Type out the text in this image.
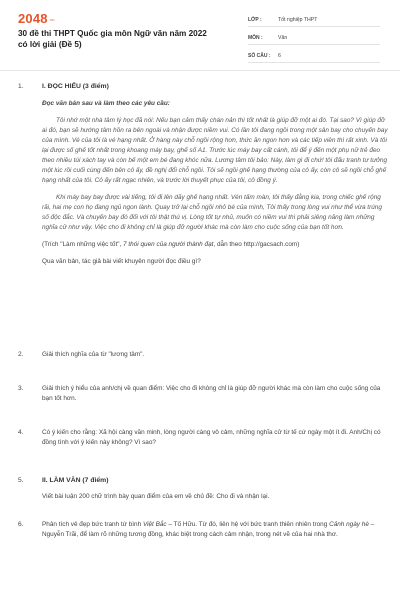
2048.vn
30 đề thi THPT Quốc gia môn Ngữ văn năm 2022 có lời giải (Đề 5)
LỚP :	Tốt nghiệp THPT
MÔN :	Văn
SỐ CÂU :	6
1.	I. ĐỌC HIỂU (3 điểm)
Đọc văn bản sau và làm theo các yêu cầu:
Tôi nhớ một nhà tâm lý học đã nói: Nếu bạn cảm thấy chán nản thì tốt nhất là giúp đỡ một ai đó. Tại sao? Vì giúp đỡ ai đó, bạn sẽ hướng tâm hồn ra bên ngoài và nhận được niềm vui. Có lần tôi đang ngồi trong một sân bay cho chuyến bay của mình. Vé của tôi là vé hạng nhất. Ở hàng này chỗ ngồi rộng hơn, thức ăn ngon hơn và các tiếp viên thì rất xinh. Và tôi lại được số ghế tốt nhất trong khoang máy bay, ghế số A1. Trước lúc máy bay cất cánh, tôi để ý đến một phụ nữ trẻ đeo theo nhiều túi xách tay và còn bế một em bé đang khóc nữa. Lương tâm tôi bảo: Này, làm gì đi chứ! tôi đấu tranh tư tưởng một lúc rồi cuối cùng đến bên cô ấy, đề nghị đổi chỗ ngồi. Tôi sẽ ngồi ghế hạng thường của cô ấy, còn cô sẽ ngồi chỗ ghế hạng nhất của tôi. Cô ấy rất ngạc nhiên, và trước lời thuyết phục của tôi, cô đồng ý.
Khi máy bay bay được vài tiếng, tôi đi lên dãy ghế hạng nhất. Vén tấm màn, tôi thấy đằng kia, trong chiếc ghế rộng rãi, hai mẹ con họ đang ngủ ngon lành. Quay trở lại chỗ ngồi nhỏ bé của mình, Tôi thấy trong lòng vui như thể vừa trúng số độc đắc. Và chuyến bay đó đối với tôi thật thú vị. Lòng tốt tự nhủ, muốn có niềm vui thì phải siêng năng làm những nghĩa cử như vậy. Việc cho đi không chỉ là giúp đỡ người khác mà còn làm cho cuộc sống của bạn tốt hơn.
(Trích "Làm những việc tốt", 7 thói quen của người thành đạt, dẫn theo http://gacsach.com)
Qua văn bản, tác giả bài viết khuyên người đọc điều gì?
2.	Giải thích nghĩa của từ "lương tâm".
3.	Giải thích ý hiểu của anh/chị về quan điểm: Việc cho đi không chỉ là giúp đỡ người khác mà còn làm cho cuộc sống của bạn tốt hơn.
4.	Có ý kiến cho rằng: Xã hội càng văn minh, lòng người càng vô cảm, những nghĩa cử từ tế cứ ngày một ít đi. Anh/Chị có đồng tình với ý kiến này không? Vì sao?
5.	II. LÀM VĂN (7 điểm)
Viết bài luận 200 chữ trình bày quan điểm của em về chủ đề: Cho đi và nhận lại.
6.	Phân tích vẻ đẹp bức tranh tứ bình Việt Bắc – Tố Hữu. Từ đó, liên hệ với bức tranh thiên nhiên trong Cảnh ngày hè – Nguyễn Trãi, để làm rõ những tương đồng, khác biệt trong cách cảm nhận, trong nét vẽ của hai nhà thơ.
